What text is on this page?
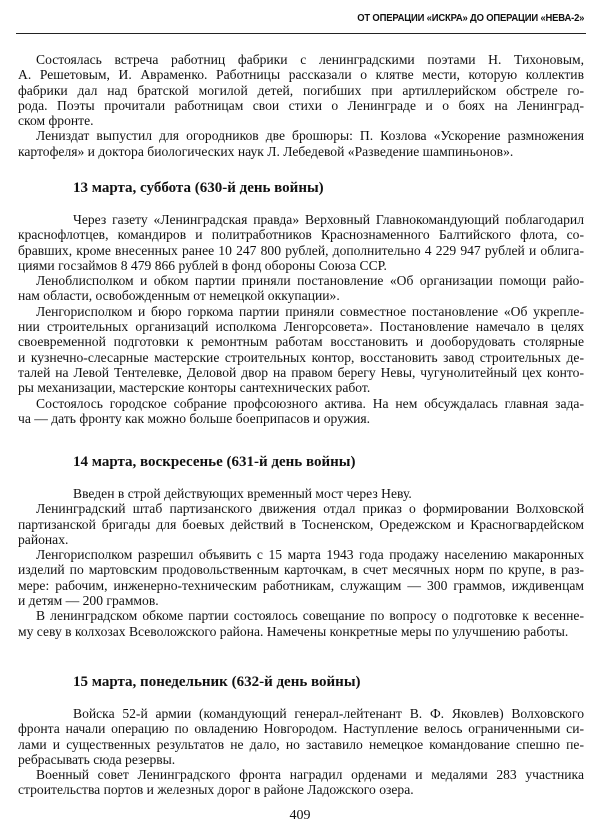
ОТ ОПЕРАЦИИ «ИСКРА» ДО ОПЕРАЦИИ «НЕВА-2»
Состоялась встреча работниц фабрики с ленинградскими поэтами Н. Тихоновым,
А. Решетовым, И. Авраменко. Работницы рассказали о клятве мести, которую коллектив
фабрики дал над братской могилой детей, погибших при артиллерийском обстреле го-
рода. Поэты прочитали работницам свои стихи о Ленинграде и о боях на Ленинград-
ском фронте.
Лениздат выпустил для огородников две брошюры: П. Козлова «Ускорение размножения
картофеля» и доктора биологических наук Л. Лебедевой «Разведение шампиньонов».
13 марта, суббота (630-й день войны)
Через газету «Ленинградская правда» Верховный Главнокомандующий поблагодарил
краснофлотцев, командиров и политработников Краснознаменного Балтийского флота, со-
бравших, кроме внесенных ранее 10 247 800 рублей, дополнительно 4 229 947 рублей и облига-
циями госзаймов 8 479 866 рублей в фонд обороны Союза ССР.
Леноблисполком и обком партии приняли постановление «Об организации помощи райо-
нам области, освобожденным от немецкой оккупации».
Ленгорисполком и бюро горкома партии приняли совместное постановление «Об укрепле-
нии строительных организаций исполкома Ленгорсовета». Постановление намечало в целях
своевременной подготовки к ремонтным работам восстановить и дооборудовать столярные
и кузнечно-слесарные мастерские строительных контор, восстановить завод строительных де-
талей на Левой Тентелевке, Деловой двор на правом берегу Невы, чугунолитейный цех конто-
ры механизации, мастерские конторы сантехнических работ.
Состоялось городское собрание профсоюзного актива. На нем обсуждалась главная зада-
ча — дать фронту как можно больше боеприпасов и оружия.
14 марта, воскресенье (631-й день войны)
Введен в строй действующих временный мост через Неву.
Ленинградский штаб партизанского движения отдал приказ о формировании Волховской
партизанской бригады для боевых действий в Тосненском, Оредежском и Красногвардейском
районах.
Ленгорисполком разрешил объявить с 15 марта 1943 года продажу населению макаронных
изделий по мартовским продовольственным карточкам, в счет месячных норм по крупе, в раз-
мере: рабочим, инженерно-техническим работникам, служащим — 300 граммов, иждивенцам
и детям — 200 граммов.
В ленинградском обкоме партии состоялось совещание по вопросу о подготовке к весенне-
му севу в колхозах Всеволожского района. Намечены конкретные меры по улучшению работы.
15 марта, понедельник (632-й день войны)
Войска 52-й армии (командующий генерал-лейтенант В. Ф. Яковлев) Волховского
фронта начали операцию по овладению Новгородом. Наступление велось ограниченными си-
лами и существенных результатов не дало, но заставило немецкое командование спешно пе-
ребрасывать сюда резервы.
Военный совет Ленинградского фронта наградил орденами и медалями 283 участника
строительства портов и железных дорог в районе Ладожского озера.
409
